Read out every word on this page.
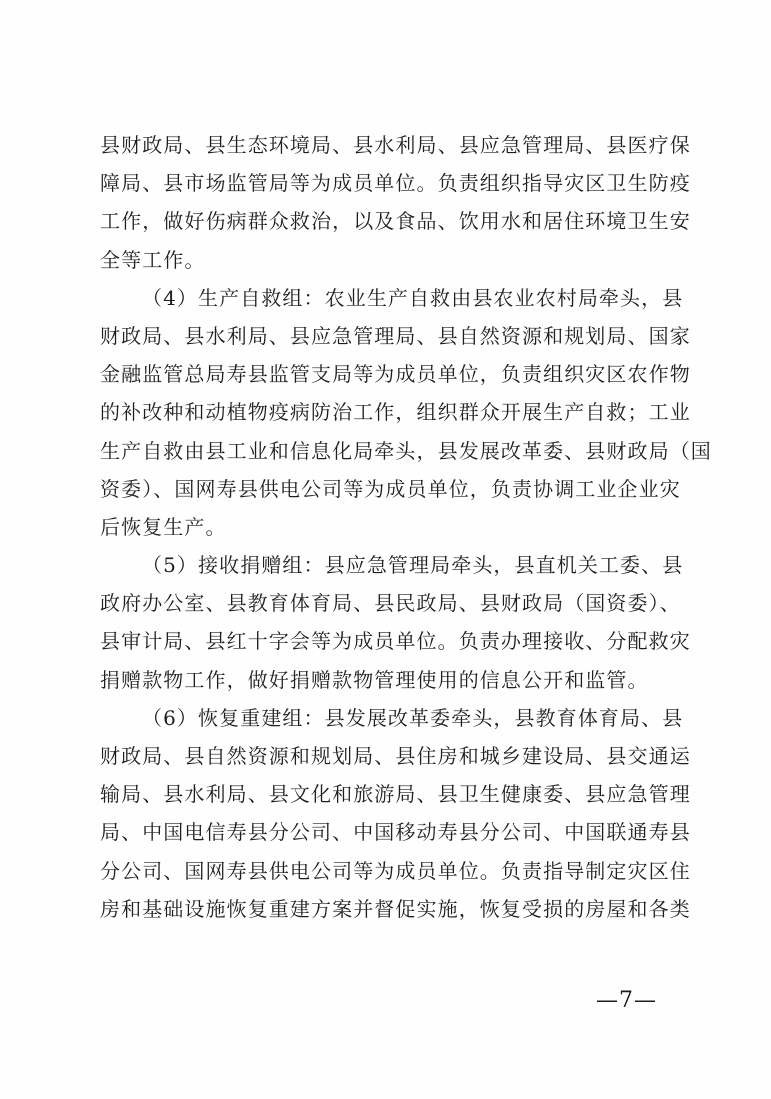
县财政局、县生态环境局、县水利局、县应急管理局、县医疗保
障局、县市场监管局等为成员单位。负责组织指导灾区卫生防疫
工作，做好伤病群众救治，以及食品、饮用水和居住环境卫生安
全等工作。
（4）生产自救组：农业生产自救由县农业农村局牵头，县
财政局、县水利局、县应急管理局、县自然资源和规划局、国家
金融监管总局寿县监管支局等为成员单位，负责组织灾区农作物
的补改种和动植物疫病防治工作，组织群众开展生产自救；工业
生产自救由县工业和信息化局牵头，县发展改革委、县财政局（国
资委）、国网寿县供电公司等为成员单位，负责协调工业企业灾
后恢复生产。
（5）接收捐赠组：县应急管理局牵头，县直机关工委、县
政府办公室、县教育体育局、县民政局、县财政局（国资委）、
县审计局、县红十字会等为成员单位。负责办理接收、分配救灾
捐赠款物工作，做好捐赠款物管理使用的信息公开和监管。
（6）恢复重建组：县发展改革委牵头，县教育体育局、县
财政局、县自然资源和规划局、县住房和城乡建设局、县交通运
输局、县水利局、县文化和旅游局、县卫生健康委、县应急管理
局、中国电信寿县分公司、中国移动寿县分公司、中国联通寿县
分公司、国网寿县供电公司等为成员单位。负责指导制定灾区住
房和基础设施恢复重建方案并督促实施，恢复受损的房屋和各类
—7—
